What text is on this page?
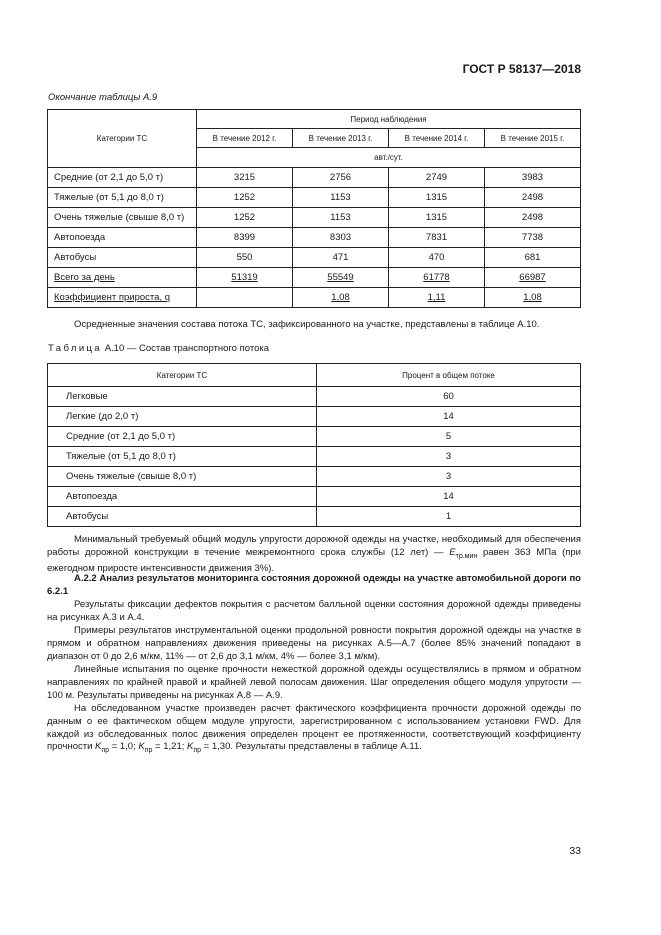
ГОСТ Р 58137—2018
Окончание таблицы А.9
Категории ТС	Период наблюдения			
	В течение 2012 г.	В течение 2013 г.	В течение 2014 г.	В течение 2015 г.
	авт./сут.			
Средние (от 2,1 до 5,0 т)	3215	2756	2749	3983
Тяжелые (от 5,1 до 8,0 т)	1252	1153	1315	2498
Очень тяжелые (свыше 8,0 т)	1252	1153	1315	2498
Автопоезда	8399	8303	7831	7738
Автобусы	550	471	470	681
Всего за день	51319	55549	61778	66987
Коэффициент прироста, q		1,08	1,11	1,08
Осредненные значения состава потока ТС, зафиксированного на участке, представлены в таблице А.10.
Таблица А.10 — Состав транспортного потока
Категории ТС	Процент в общем потоке
Легковые	60
Легкие (до 2,0 т)	14
Средние (от 2,1 до 5,0 т)	5
Тяжелые (от 5,1 до 8,0 т)	3
Очень тяжелые (свыше 8,0 т)	3
Автопоезда	14
Автобусы	1
Минимальный требуемый общий модуль упругости дорожной одежды на участке, необходимый для обеспечения работы дорожной конструкции в течение межремонтного срока службы (12 лет) — $E_{тр.мин}$ равен 363 МПа (при ежегодном приросте интенсивности движения 3%).
А.2.2 Анализ результатов мониторинга состояния дорожной одежды на участке автомобильной дороги по 6.2.1
Результаты фиксации дефектов покрытия с расчетом балльной оценки состояния дорожной одежды приведены на рисунках А.3 и А.4.
Примеры результатов инструментальной оценки продольной ровности покрытия дорожной одежды на участке в прямом и обратном направлениях движения приведены на рисунках А.5—А.7 (более 85% значений попадают в диапазон от 0 до 2,6 м/км, 11% — от 2,6 до 3,1 м/км, 4% — более 3,1 м/км).
Линейные испытания по оценке прочности нежесткой дорожной одежды осуществлялись в прямом и обратном направлениях по крайней правой и крайней левой полосам движения. Шаг определения общего модуля упругости — 100 м. Результаты приведены на рисунках А.8 — А.9.
На обследованном участке произведен расчет фактического коэффициента прочности дорожной одежды по данным о ее фактическом общем модуле упругости, зарегистрированном с использованием установки FWD. Для каждой из обследованных полос движения определен процент ее протяженности, соответствующий коэффициенту прочности $K_{пр} = 1,0$; $K_{пр} = 1,21$; $K_{пр} = 1,30$. Результаты представлены в таблице А.11.
33
